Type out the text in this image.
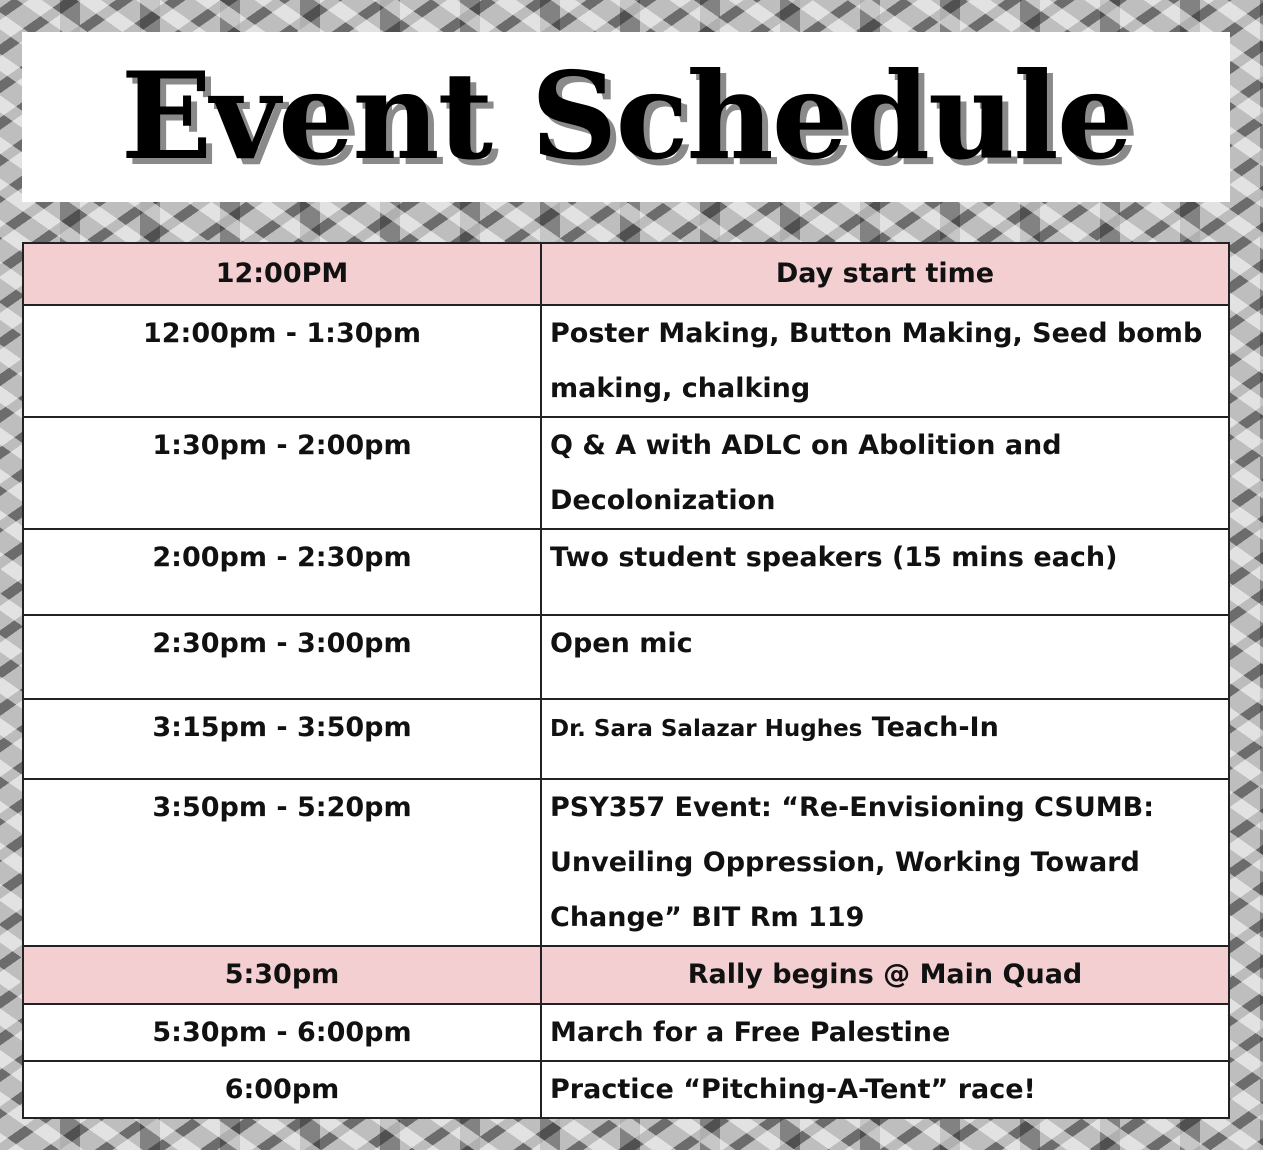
Event Schedule
12:00PM	Day start time
12:00pm - 1:30pm	Poster Making, Button Making, Seed bomb making, chalking
1:30pm - 2:00pm	Q & A with ADLC on Abolition and Decolonization
2:00pm - 2:30pm	Two student speakers (15 mins each)
2:30pm - 3:00pm	Open mic
3:15pm - 3:50pm	Dr. Sara Salazar Hughes Teach-In
3:50pm - 5:20pm	PSY357 Event: “Re-Envisioning CSUMB: Unveiling Oppression, Working Toward Change” BIT Rm 119
5:30pm	Rally begins @ Main Quad
5:30pm - 6:00pm	March for a Free Palestine
6:00pm	Practice “Pitching-A-Tent” race!
